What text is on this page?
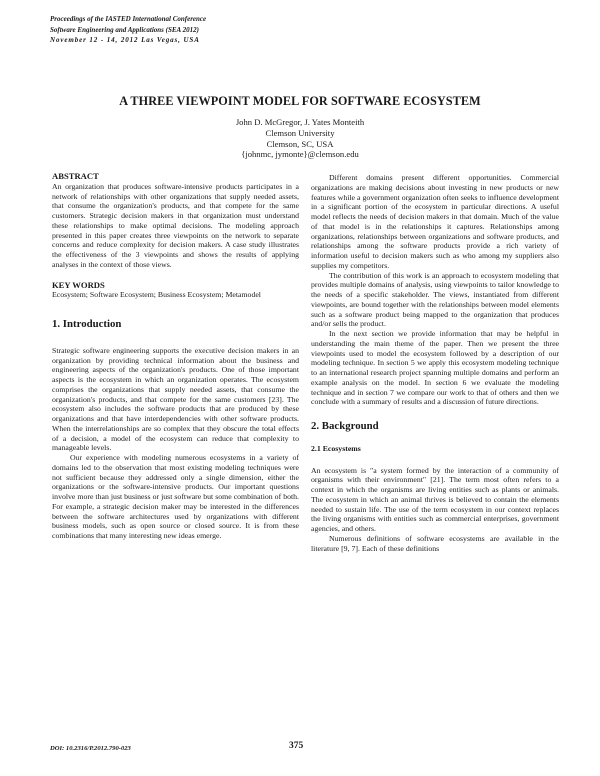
Proceedings of the IASTED International Conference
Software Engineering and Applications (SEA 2012)
November 12 - 14, 2012 Las Vegas, USA
A THREE VIEWPOINT MODEL FOR SOFTWARE ECOSYSTEM
John D. McGregor, J. Yates Monteith
Clemson University
Clemson, SC, USA
{johnmc, jymonte}@clemson.edu
ABSTRACT

An organization that produces software-intensive products participates in a network of relationships with other organizations that supply needed assets, that consume the organization's products, and that compete for the same customers. Strategic decision makers in that organization must understand these relationships to make optimal decisions. The modeling approach presented in this paper creates three viewpoints on the network to separate concerns and reduce complexity for decision makers. A case study illustrates the effectiveness of the 3 viewpoints and shows the results of applying analyses in the context of those views.

KEY WORDS

Ecosystem; Software Ecosystem; Business Ecosystem; Metamodel

1. Introduction

Strategic software engineering supports the executive decision makers in an organization by providing technical information about the business and engineering aspects of the organization's products. One of those important aspects is the ecosystem in which an organization operates. The ecosystem comprises the organizations that supply needed assets, that consume the organization's products, and that compete for the same customers [23]. The ecosystem also includes the software products that are produced by these organizations and that have interdependencies with other software products. When the interrelationships are so complex that they obscure the total effects of a decision, a model of the ecosystem can reduce that complexity to manageable levels.

Our experience with modeling numerous ecosystems in a variety of domains led to the observation that most existing modeling techniques were not sufficient because they addressed only a single dimension, either the organizations or the software-intensive products. Our important questions involve more than just business or just software but some combination of both. For example, a strategic decision maker may be interested in the differences between the software architectures used by organizations with different business models, such as open source or closed source. It is from these combinations that many interesting new ideas emerge.

Different domains present different opportunities. Commercial organizations are making decisions about investing in new products or new features while a government organization often seeks to influence development in a significant portion of the ecosystem in particular directions. A useful model reflects the needs of decision makers in that domain. Much of the value of that model is in the relationships it captures. Relationships among organizations, relationships between organizations and software products, and relationships among the software products provide a rich variety of information useful to decision makers such as who among my suppliers also supplies my competitors.

The contribution of this work is an approach to ecosystem modeling that provides multiple domains of analysis, using viewpoints to tailor knowledge to the needs of a specific stakeholder. The views, instantiated from different viewpoints, are bound together with the relationships between model elements such as a software product being mapped to the organization that produces and/or sells the product.

In the next section we provide information that may be helpful in understanding the main theme of the paper. Then we present the three viewpoints used to model the ecosystem followed by a description of our modeling technique. In section 5 we apply this ecosystem modeling technique to an international research project spanning multiple domains and perform an example analysis on the model. In section 6 we evaluate the modeling technique and in section 7 we compare our work to that of others and then we conclude with a summary of results and a discussion of future directions.

2. Background
2.1 Ecosystems

An ecosystem is "a system formed by the interaction of a community of organisms with their environment" [21]. The term most often refers to a context in which the organisms are living entities such as plants or animals. The ecosystem in which an animal thrives is believed to contain the elements needed to sustain life. The use of the term ecosystem in our context replaces the living organisms with entities such as commercial enterprises, government agencies, and others.

Numerous definitions of software ecosystems are available in the literature [9, 7]. Each of these definitions

DOI: 10.2316/P.2012.790-023	375
